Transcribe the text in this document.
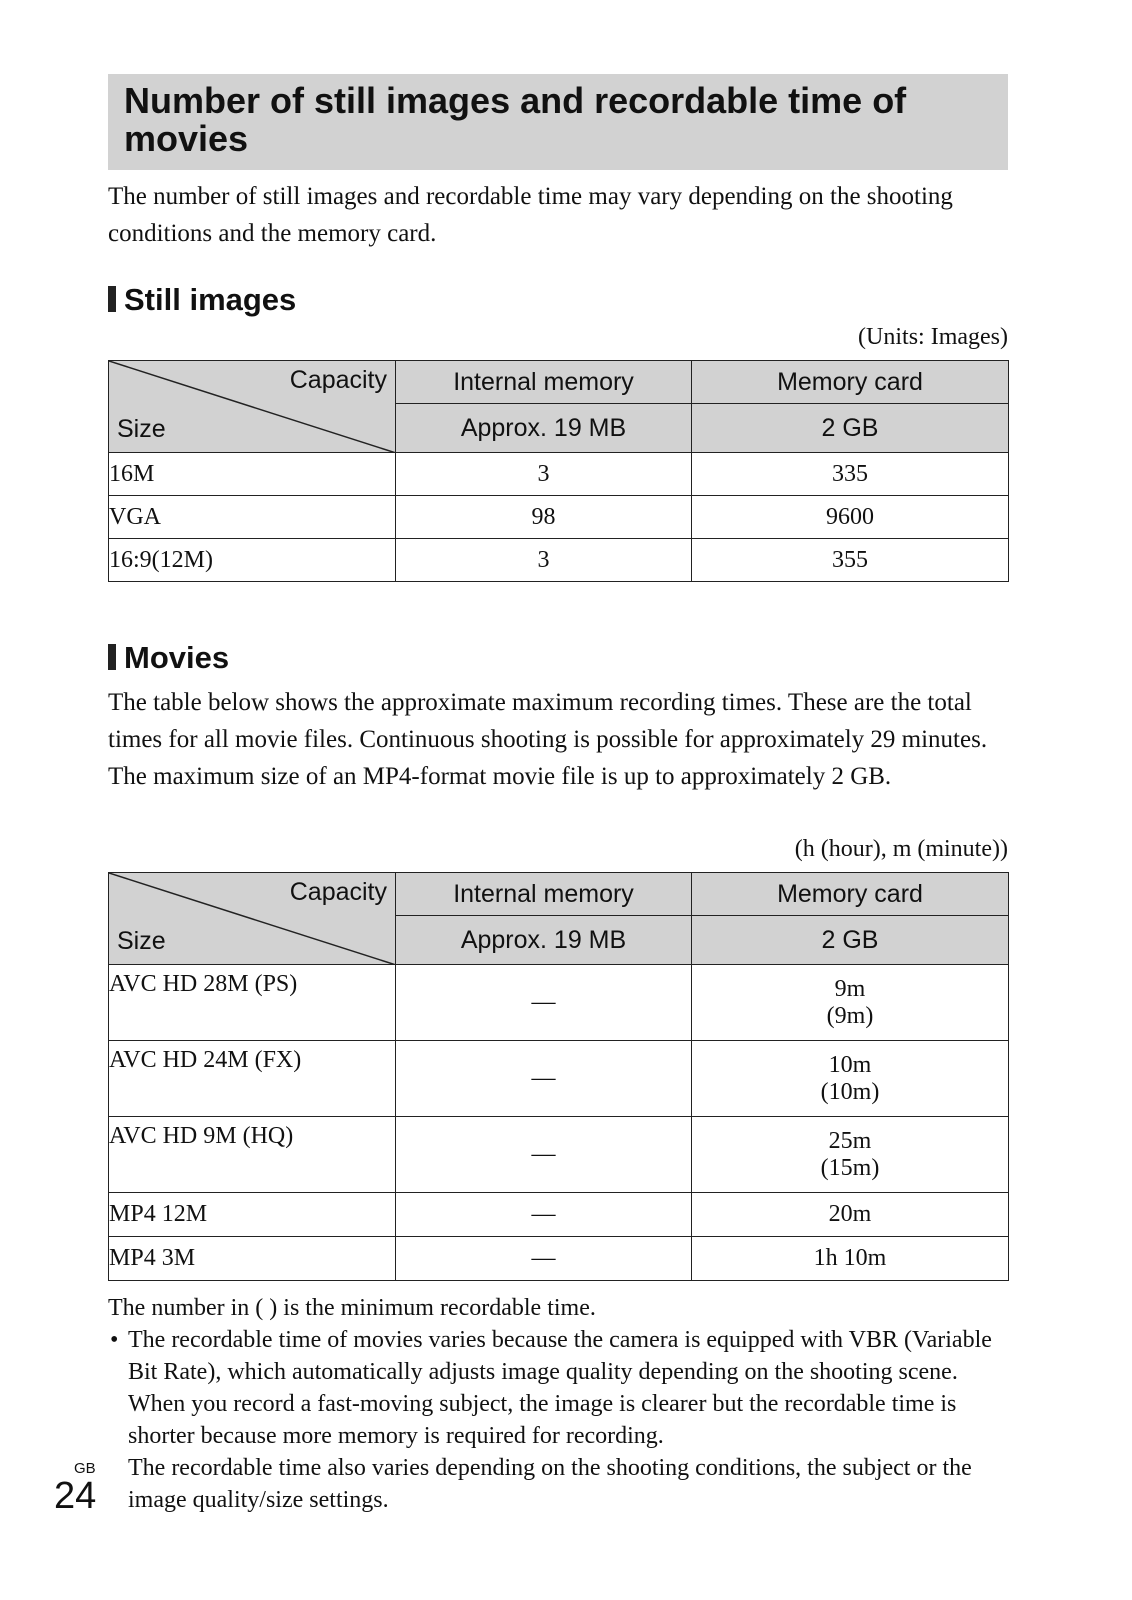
Number of still images and recordable time of movies
The number of still images and recordable time may vary depending on the shooting conditions and the memory card.
Still images
(Units: Images)
Capacity
Size	Internal memory	Memory card
	Approx. 19 MB	2 GB
16M	3	335
VGA	98	9600
16:9(12M)	3	355
Movies
The table below shows the approximate maximum recording times. These are the total times for all movie files. Continuous shooting is possible for approximately 29 minutes. The maximum size of an MP4-format movie file is up to approximately 2 GB.
(h (hour), m (minute))
Capacity
Size	Internal memory	Memory card
	Approx. 19 MB	2 GB
AVC HD 28M (PS)	—	9m
(9m)

AVC HD 24M (FX)	—	10m
(10m)

AVC HD 9M (HQ)	—	25m
(15m)

MP4 12M	—	20m
MP4 3M	—	1h 10m
The number in ( ) is the minimum recordable time.
• The recordable time of movies varies because the camera is equipped with VBR (Variable Bit Rate), which automatically adjusts image quality depending on the shooting scene. When you record a fast-moving subject, the image is clearer but the recordable time is shorter because more memory is required for recording.
The recordable time also varies depending on the shooting conditions, the subject or the image quality/size settings.
GB
24
